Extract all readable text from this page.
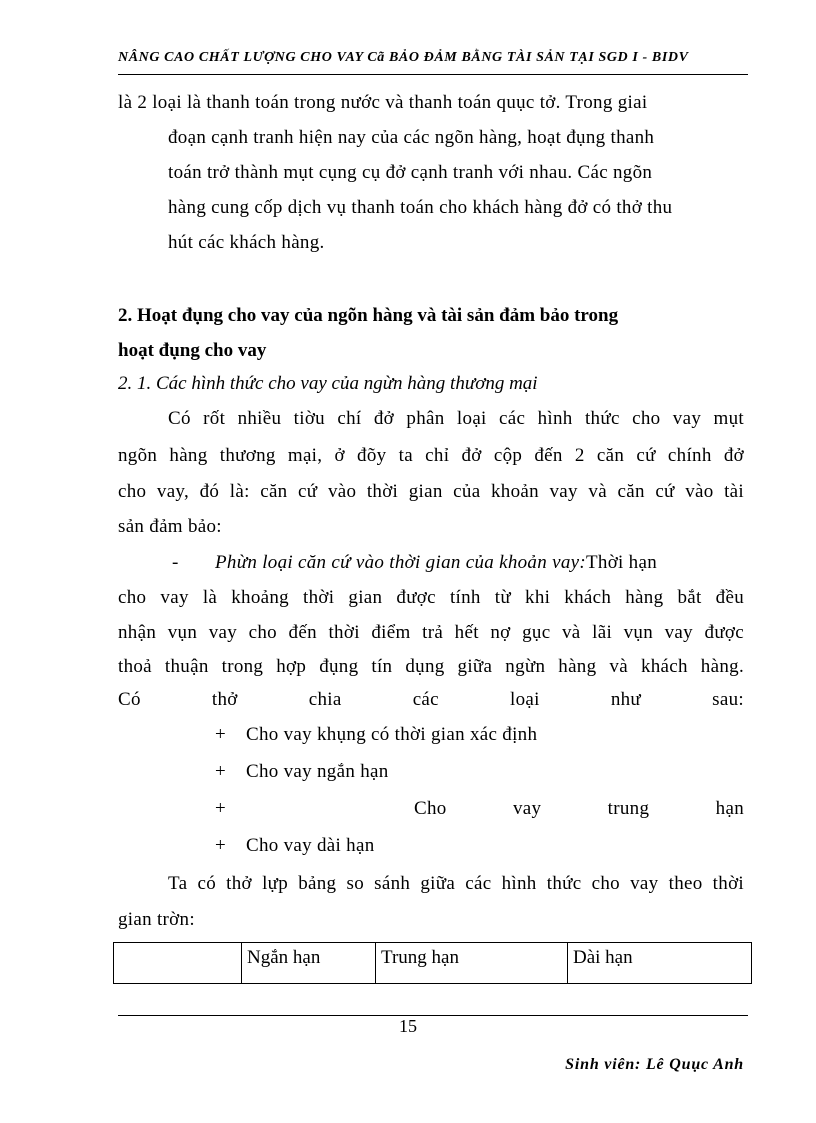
NÂNG CAO CHẤT LƯỢNG CHO VAY Cã BẢO ĐẢM BẰNG TÀI SẢN TẠI SGD I - BIDV
là 2 loại là thanh toán trong nước và thanh toán quục tở. Trong giai
đoạn cạnh tranh hiện nay của các ngõn hàng, hoạt đụng thanh
toán trở thành mụt cụng cụ đở cạnh tranh với nhau. Các ngõn
hàng cung cốp dịch vụ thanh toán cho khách hàng đở có thở thu
hút các khách hàng.
2. Hoạt đụng cho vay của ngõn hàng và tài sản đảm bảo trong
hoạt đụng cho vay
2. 1. Các hình thức cho vay của ngừn hàng thương mại
Có rốt nhiều tiờu chí đở phân loại các hình thức cho vay mụt
ngõn hàng thương mại, ở đõy ta chỉ đở cộp đến 2 căn cứ chính đở
cho vay, đó là: căn cứ vào thời gian của khoản vay và căn cứ vào tài
sản đảm bảo:
- Phừn loại căn cứ vào thời gian của khoản vay:Thời hạn
cho vay là khoảng thời gian được tính từ khi khách hàng bắt đều
nhận vụn vay cho đến thời điểm trả hết nợ gục và lãi vụn vay được
thoả thuận trong hợp đụng tín dụng giữa ngừn hàng và khách hàng.
Có	thở	chia	các	loại	như	sau:
+ Cho vay khụng có thời gian xác định
+ Cho vay ngắn hạn
+	Cho	vay	trung	hạn
+ Cho vay dài hạn
Ta có thở lựp bảng so sánh giữa các hình thức cho vay theo thời
gian trờn:
	Ngắn hạn	Trung hạn	Dài hạn
15
Sinh viên: Lê Quục Anh
